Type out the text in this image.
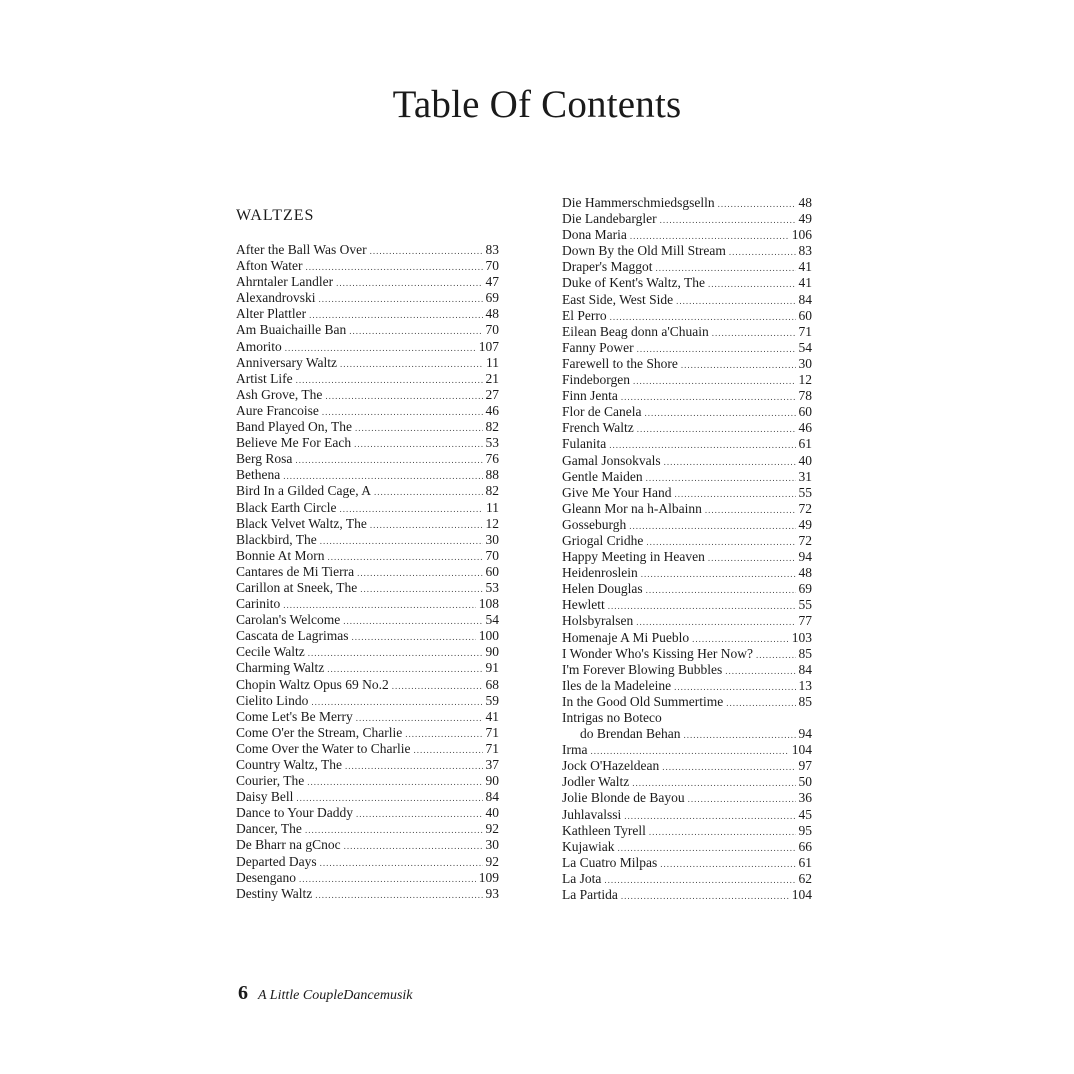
Table Of Contents
WALTZES
After the Ball Was Over .....	83
Afton Water .....	70
Ahrntaler Landler .....	47
Alexandrovski .....	69
Alter Plattler .....	48
Am Buaichaille Ban .....	70
Amorito .....	107
Anniversary Waltz .....	11
Artist Life .....	21
Ash Grove, The .....	27
Aure Francoise .....	46
Band Played On, The .....	82
Believe Me For Each .....	53
Berg Rosa .....	76
Bethena .....	88
Bird In a Gilded Cage, A .....	82
Black Earth Circle .....	11
Black Velvet Waltz, The .....	12
Blackbird, The .....	30
Bonnie At Morn .....	70
Cantares de Mi Tierra .....	60
Carillon at Sneek, The .....	53
Carinito .....	108
Carolan's Welcome .....	54
Cascata de Lagrimas .....	100
Cecile Waltz .....	90
Charming Waltz .....	91
Chopin Waltz Opus 69 No.2 .....	68
Cielito Lindo .....	59
Come Let's Be Merry .....	41
Come O'er the Stream, Charlie .....	71
Come Over the Water to Charlie .....	71
Country Waltz, The .....	37
Courier, The .....	90
Daisy Bell .....	84
Dance to Your Daddy .....	40
Dancer, The .....	92
De Bharr na gCnoc .....	30
Departed Days .....	92
Desengano .....	109
Destiny Waltz .....	93
Die Hammerschmiedsgselln .....	48
Die Landebargler .....	49
Dona Maria .....	106
Down By the Old Mill Stream .....	83
Draper's Maggot .....	41
Duke of Kent's Waltz, The .....	41
East Side, West Side .....	84
El Perro .....	60
Eilean Beag donn a'Chuain .....	71
Fanny Power .....	54
Farewell to the Shore .....	30
Findeborgen .....	12
Finn Jenta .....	78
Flor de Canela .....	60
French Waltz .....	46
Fulanita .....	61
Gamal Jonsokvals .....	40
Gentle Maiden .....	31
Give Me Your Hand .....	55
Gleann Mor na h-Albainn .....	72
Gosseburgh .....	49
Griogal Cridhe .....	72
Happy Meeting in Heaven .....	94
Heidenroslein .....	48
Helen Douglas .....	69
Hewlett .....	55
Holsbyralsen .....	77
Homenaje A Mi Pueblo .....	103
I Wonder Who's Kissing Her Now? .....	85
I'm Forever Blowing Bubbles .....	84
Iles de la Madeleine .....	13
In the Good Old Summertime .....	85
Intrigas no Boteco
do Brendan Behan .....	94
Irma .....	104
Jock O'Hazeldean .....	97
Jodler Waltz .....	50
Jolie Blonde de Bayou .....	36
Juhlavalssi .....	45
Kathleen Tyrell .....	95
Kujawiak .....	66
La Cuatro Milpas .....	61
La Jota .....	62
La Partida .....	104
6 A Little CoupleDancemusik
